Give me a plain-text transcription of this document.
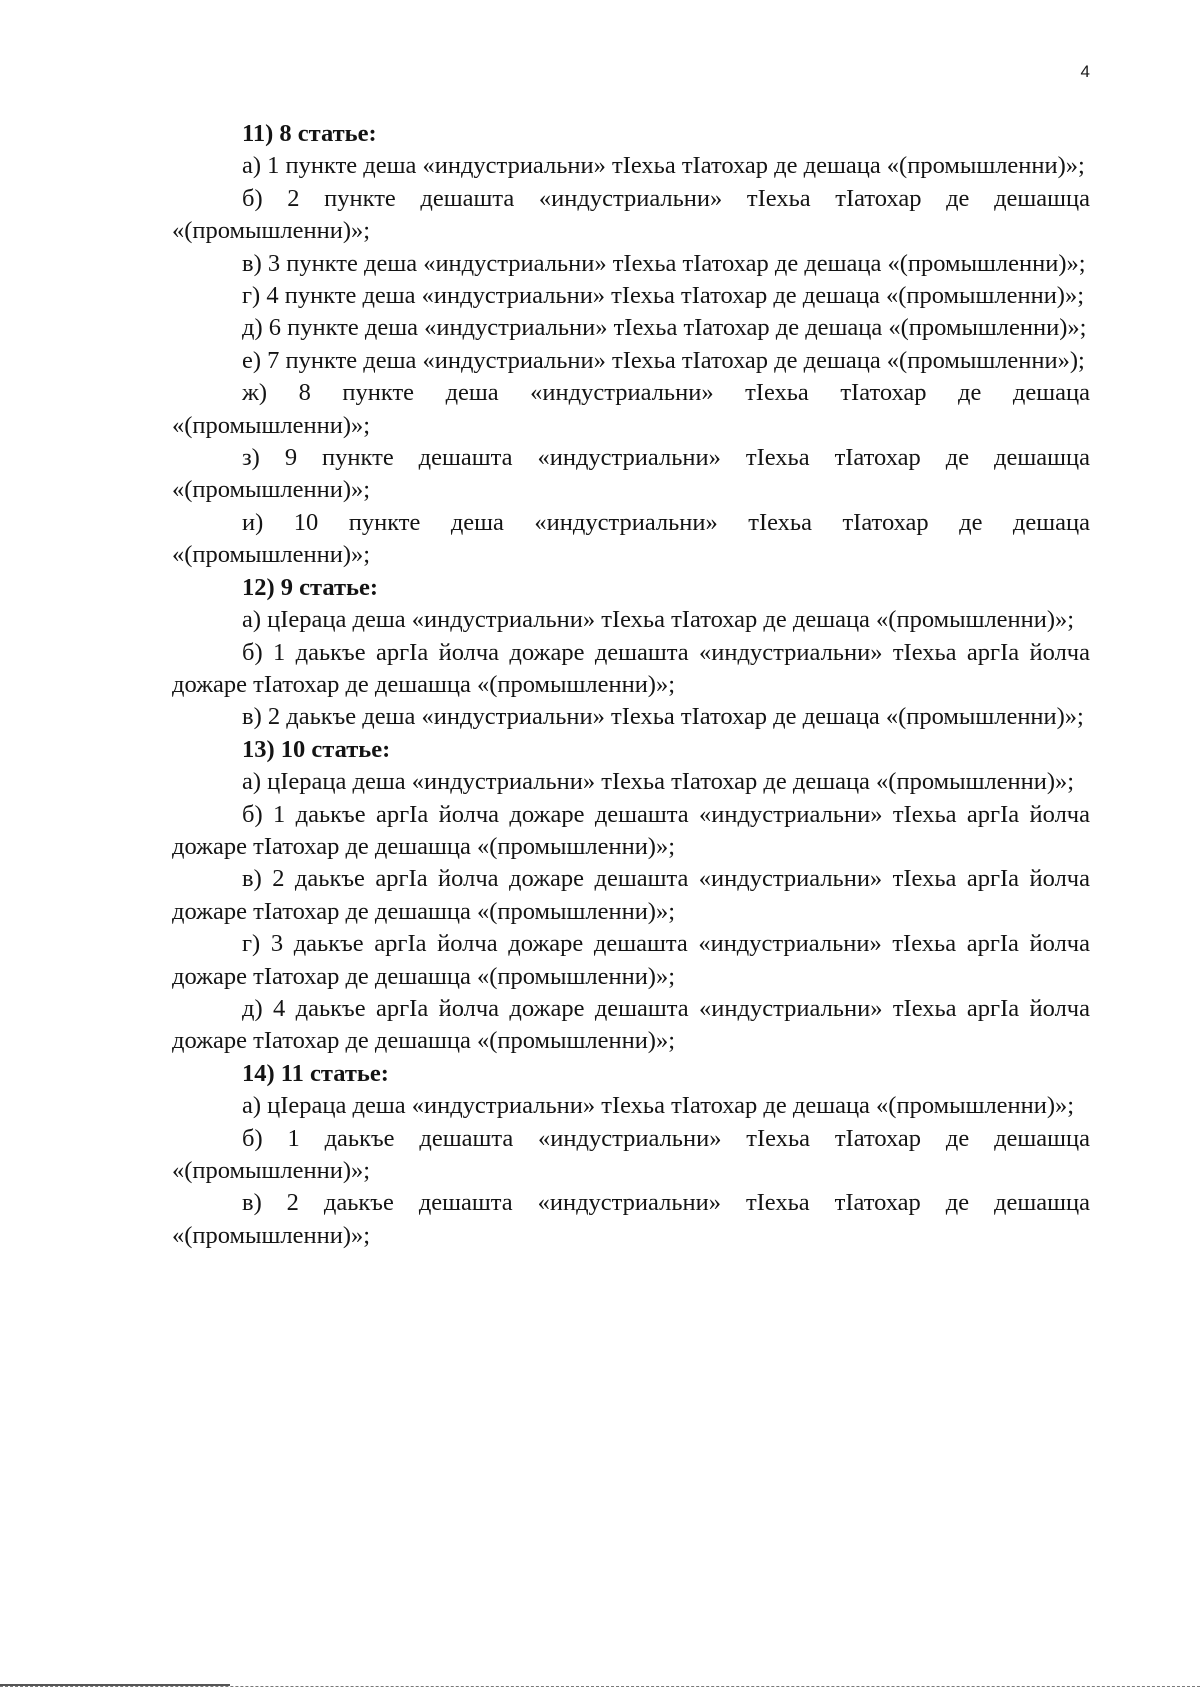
4

11) 8 статье:

а) 1 пункте деша «индустриальни» тӀехьа тӀатохар де дешаца «(промышленни)»;

б) 2 пункте дешашта «индустриальни» тӀехьа тӀатохар де дешашца «(промышленни)»;

в) 3 пункте деша «индустриальни» тӀехьа тӀатохар де дешаца «(промышленни)»;

г) 4 пункте деша «индустриальни» тӀехьа тӀатохар де дешаца «(промышленни)»;

д) 6 пункте деша «индустриальни» тӀехьа тӀатохар де дешаца «(промышленни)»;

е) 7 пункте деша «индустриальни» тӀехьа тӀатохар де дешаца «(промышленни»);

ж) 8 пункте деша «индустриальни» тӀехьа тӀатохар де дешаца «(промышленни)»;

з) 9 пункте дешашта «индустриальни» тӀехьа тӀатохар де дешашца «(промышленни)»;

и) 10 пункте деша «индустриальни» тӀехьа тӀатохар де дешаца «(промышленни)»;

12) 9 статье:

а) цӀераца деша «индустриальни» тӀехьа тӀатохар де дешаца «(промышленни)»;

б) 1 даькъе аргӀа йолча дожаре дешашта «индустриальни» тӀехьа аргӀа йолча дожаре тӀатохар де дешашца «(промышленни)»;

в) 2 даькъе деша «индустриальни» тӀехьа тӀатохар де дешаца «(промышленни)»;

13) 10 статье:

а) цӀераца деша «индустриальни» тӀехьа тӀатохар де дешаца «(промышленни)»;

б) 1 даькъе аргӀа йолча дожаре дешашта «индустриальни» тӀехьа аргӀа йолча дожаре тӀатохар де дешашца «(промышленни)»;

в) 2 даькъе аргӀа йолча дожаре дешашта «индустриальни» тӀехьа аргӀа йолча дожаре тӀатохар де дешашца «(промышленни)»;

г) 3 даькъе аргӀа йолча дожаре дешашта «индустриальни» тӀехьа аргӀа йолча дожаре тӀатохар де дешашца «(промышленни)»;

д) 4 даькъе аргӀа йолча дожаре дешашта «индустриальни» тӀехьа аргӀа йолча дожаре тӀатохар де дешашца «(промышленни)»;

14) 11 статье:

а) цӀераца деша «индустриальни» тӀехьа тӀатохар де дешаца «(промышленни)»;

б) 1 даькъе дешашта «индустриальни» тӀехьа тӀатохар де дешашца «(промышленни)»;

в) 2 даькъе дешашта «индустриальни» тӀехьа тӀатохар де дешашца «(промышленни)»;
